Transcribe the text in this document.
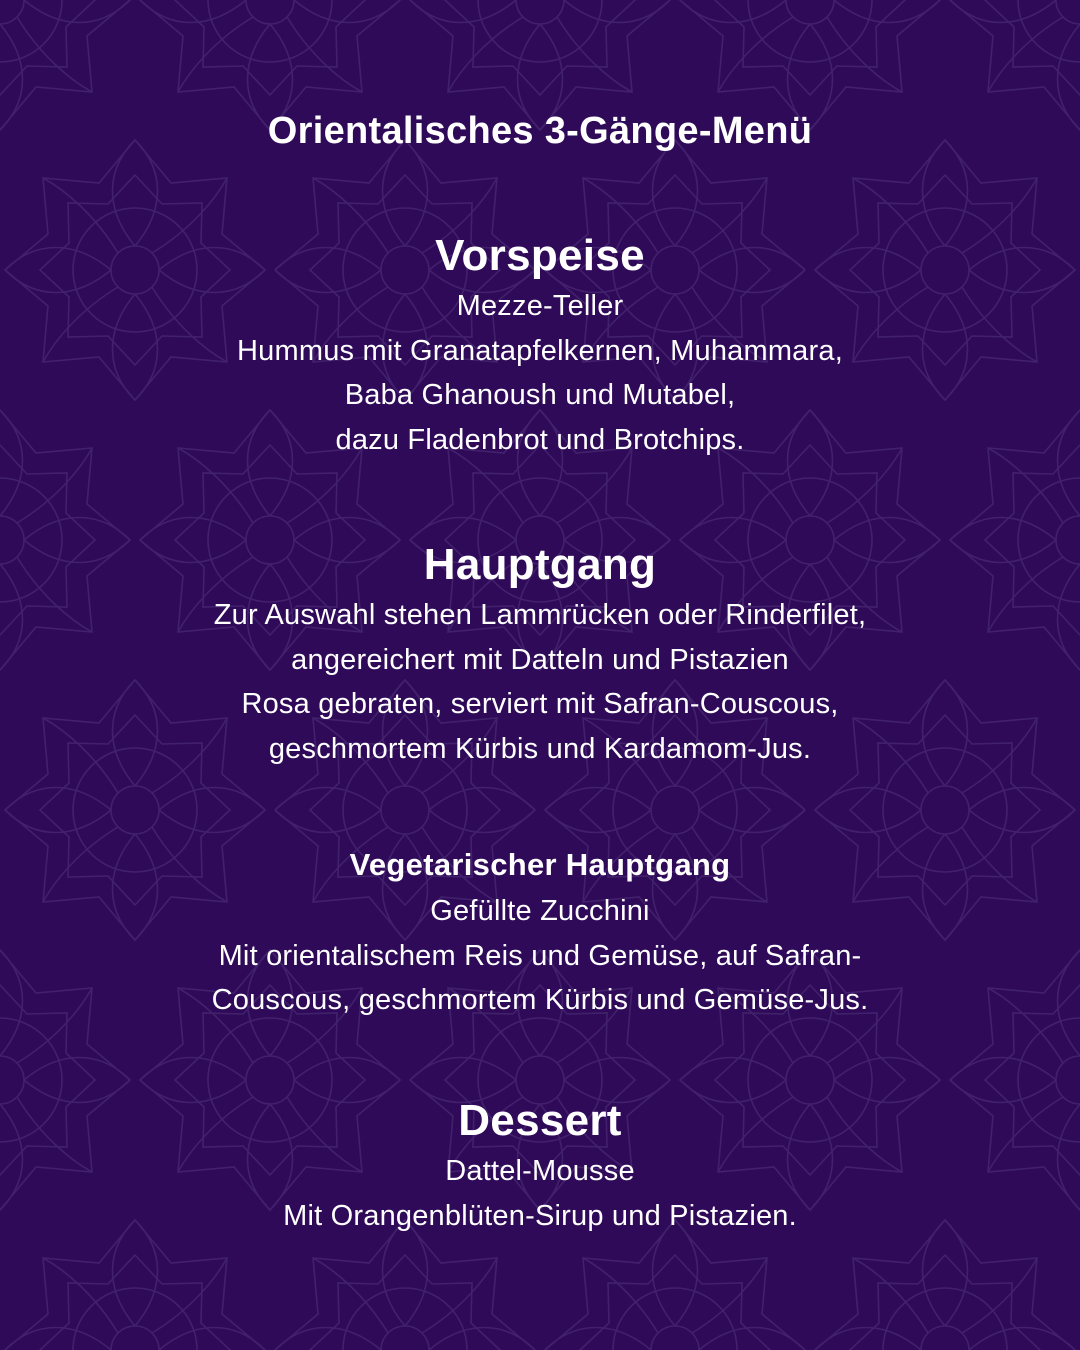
Orientalisches 3-Gänge-Menü
Vorspeise

Mezze-Teller

Hummus mit Granatapfelkernen, Muhammara,

Baba Ghanoush und Mutabel,

dazu Fladenbrot und Brotchips.

Hauptgang

Zur Auswahl stehen Lammrücken oder Rinderfilet,

angereichert mit Datteln und Pistazien

Rosa gebraten, serviert mit Safran-Couscous,

geschmortem Kürbis und Kardamom-Jus.

Vegetarischer Hauptgang

Gefüllte Zucchini

Mit orientalischem Reis und Gemüse, auf Safran-

Couscous, geschmortem Kürbis und Gemüse-Jus.

Dessert

Dattel-Mousse

Mit Orangenblüten-Sirup und Pistazien.
